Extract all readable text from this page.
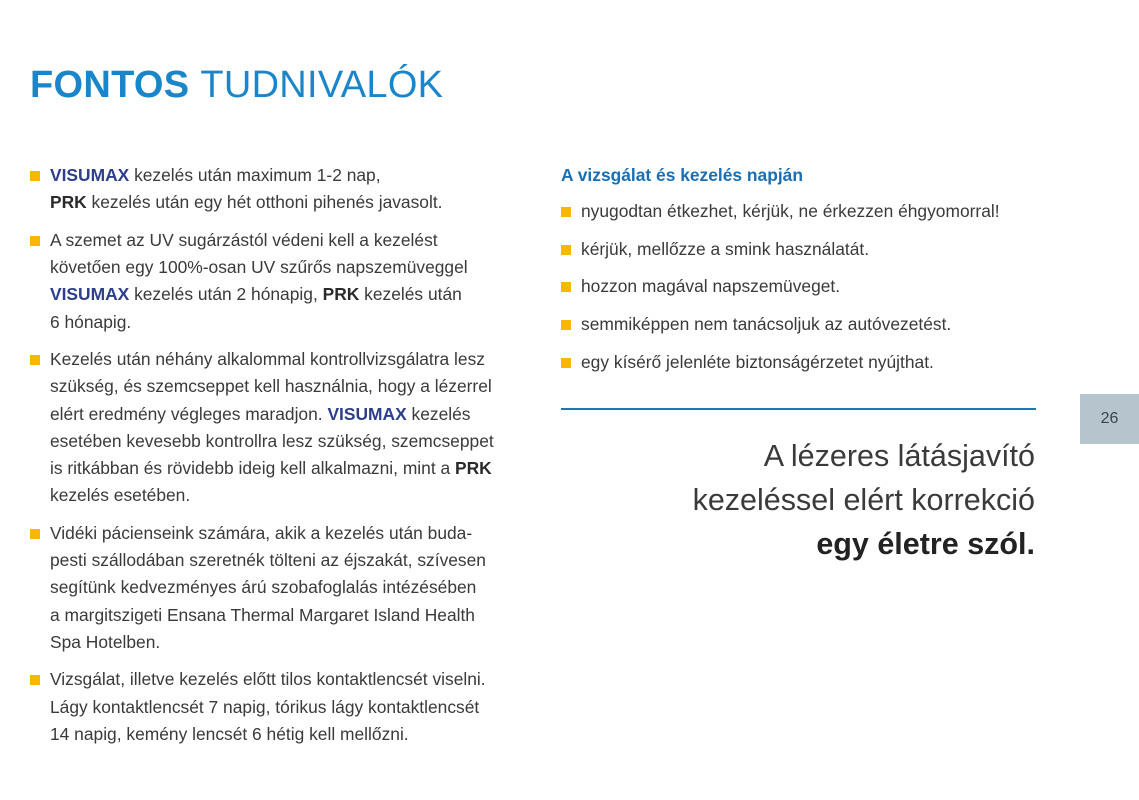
FONTOS TUDNIVALÓK
VISUMAX kezelés után maximum 1-2 nap,
PRK kezelés után egy hét otthoni pihenés javasolt.
A szemet az UV sugárzástól védeni kell a kezelést
követően egy 100%-osan UV szűrős napszemüveggel
VISUMAX kezelés után 2 hónapig, PRK kezelés után
6 hónapig.
Kezelés után néhány alkalommal kontrollvizsgálatra lesz
szükség, és szemcseppet kell használnia, hogy a lézerrel
elért eredmény végleges maradjon. VISUMAX kezelés
esetében kevesebb kontrollra lesz szükség, szemcseppet
is ritkábban és rövidebb ideig kell alkalmazni, mint a PRK
kezelés esetében.
Vidéki pácienseink számára, akik a kezelés után buda-
pesti szállodában szeretnék tölteni az éjszakát, szívesen
segítünk kedvezményes árú szobafoglalás intézésében
a margitszigeti Ensana Thermal Margaret Island Health
Spa Hotelben.
Vizsgálat, illetve kezelés előtt tilos kontaktlencsét viselni.
Lágy kontaktlencsét 7 napig, tórikus lágy kontaktlencsét
14 napig, kemény lencsét 6 hétig kell mellőzni.
A vizsgálat és kezelés napján
nyugodtan étkezhet, kérjük, ne érkezzen éhgyomorral!
kérjük, mellőzze a smink használatát.
hozzon magával napszemüveget.
semmiképpen nem tanácsoljuk az autóvezetést.
egy kísérő jelenléte biztonságérzetet nyújthat.
A lézeres látásjavító
kezeléssel elért korrekció
egy életre szól.
26
